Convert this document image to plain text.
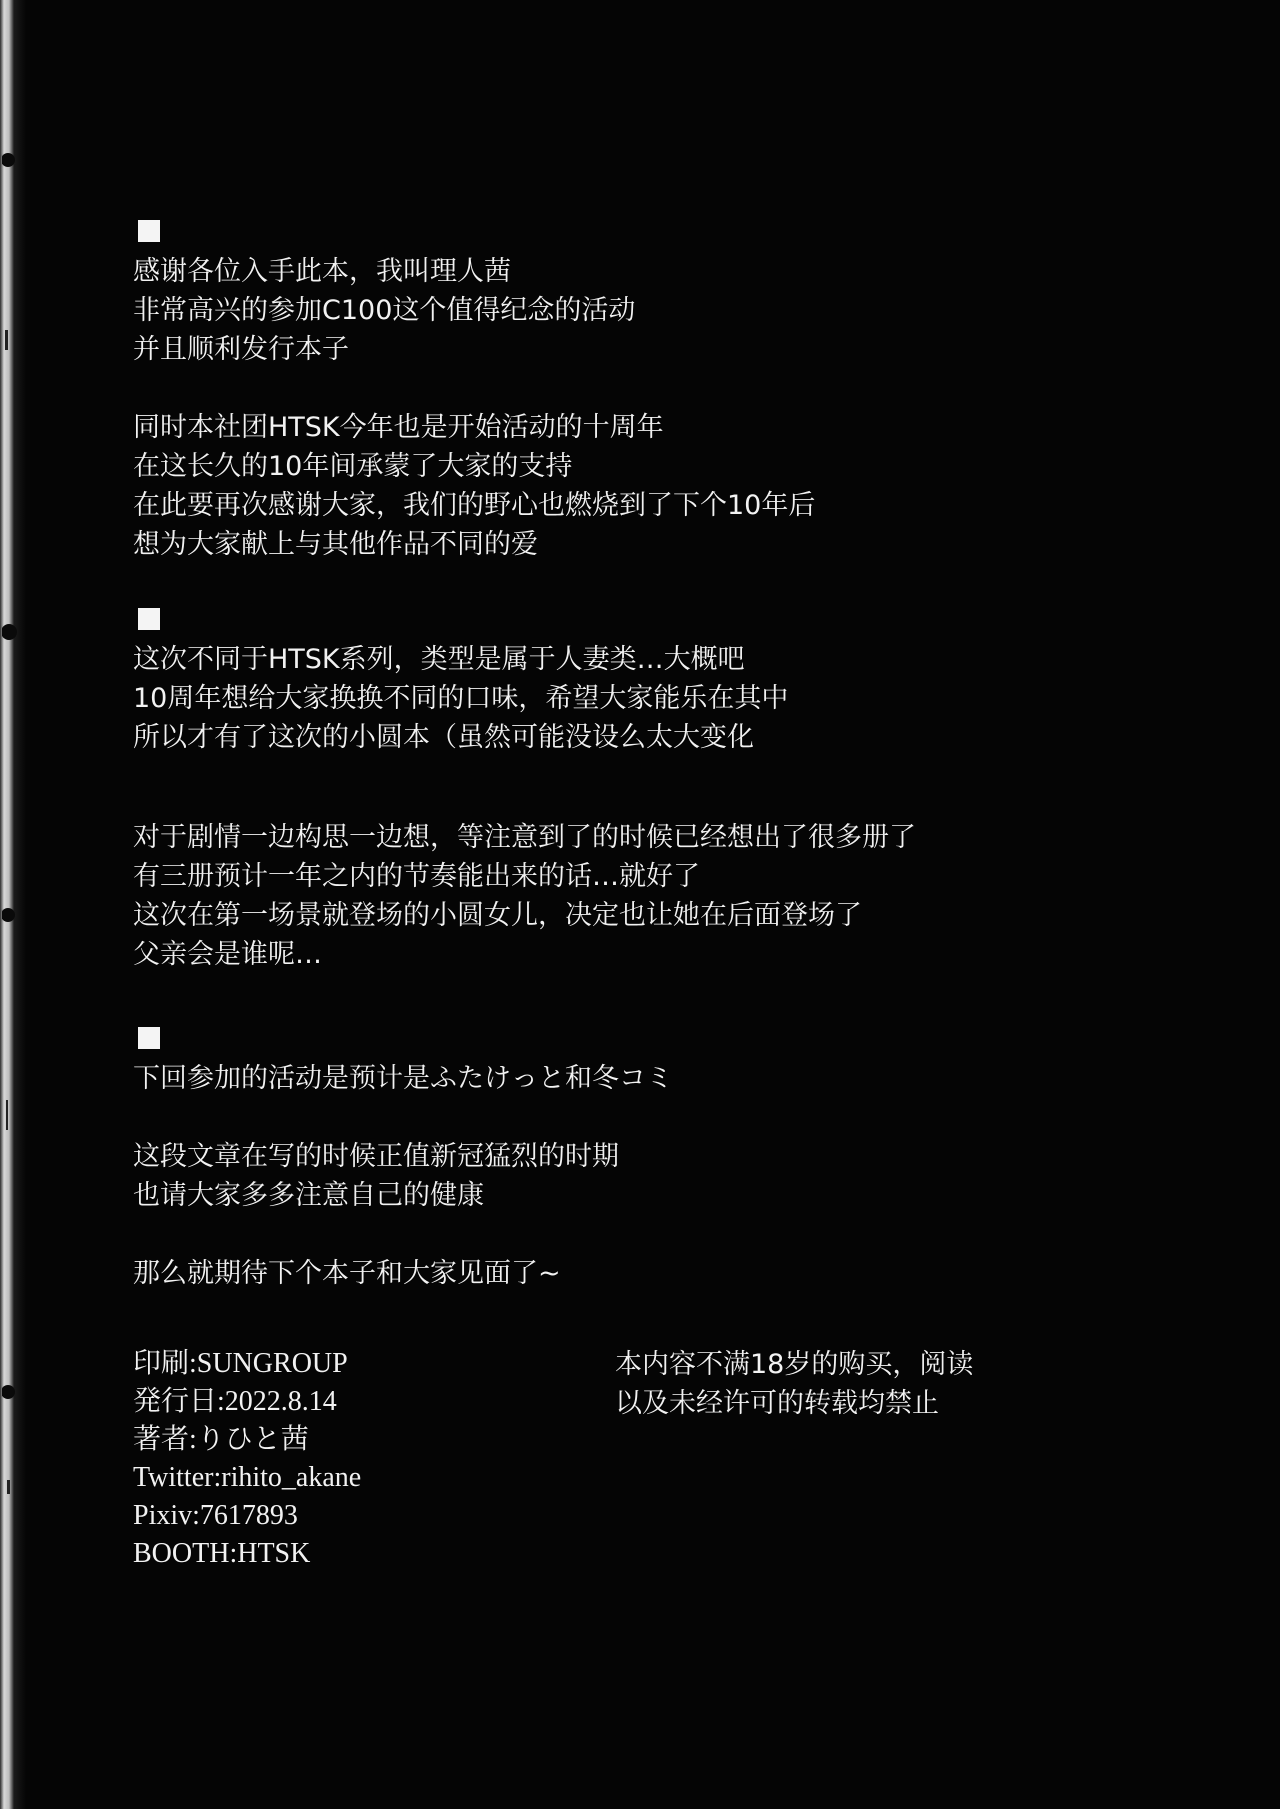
感谢各位入手此本，我叫理人茜
非常高兴的参加C100这个值得纪念的活动
并且顺利发行本子
同时本社团HTSK今年也是开始活动的十周年
在这长久的10年间承蒙了大家的支持
在此要再次感谢大家，我们的野心也燃烧到了下个10年后
想为大家献上与其他作品不同的爱
这次不同于HTSK系列，类型是属于人妻类…大概吧
10周年想给大家换换不同的口味，希望大家能乐在其中
所以才有了这次的小圆本（虽然可能没设么太大变化
对于剧情一边构思一边想，等注意到了的时候已经想出了很多册了
有三册预计一年之内的节奏能出来的话…就好了
这次在第一场景就登场的小圆女儿，决定也让她在后面登场了
父亲会是谁呢…
下回参加的活动是预计是ふたけっと和冬コミ
这段文章在写的时候正值新冠猛烈的时期
也请大家多多注意自己的健康
那么就期待下个本子和大家见面了~
印刷:SUNGROUP
発行日:2022.8.14
著者:りひと茜
Twitter:rihito_akane
Pixiv:7617893
BOOTH:HTSK
本内容不满18岁的购买，阅读
以及未经许可的转载均禁止
